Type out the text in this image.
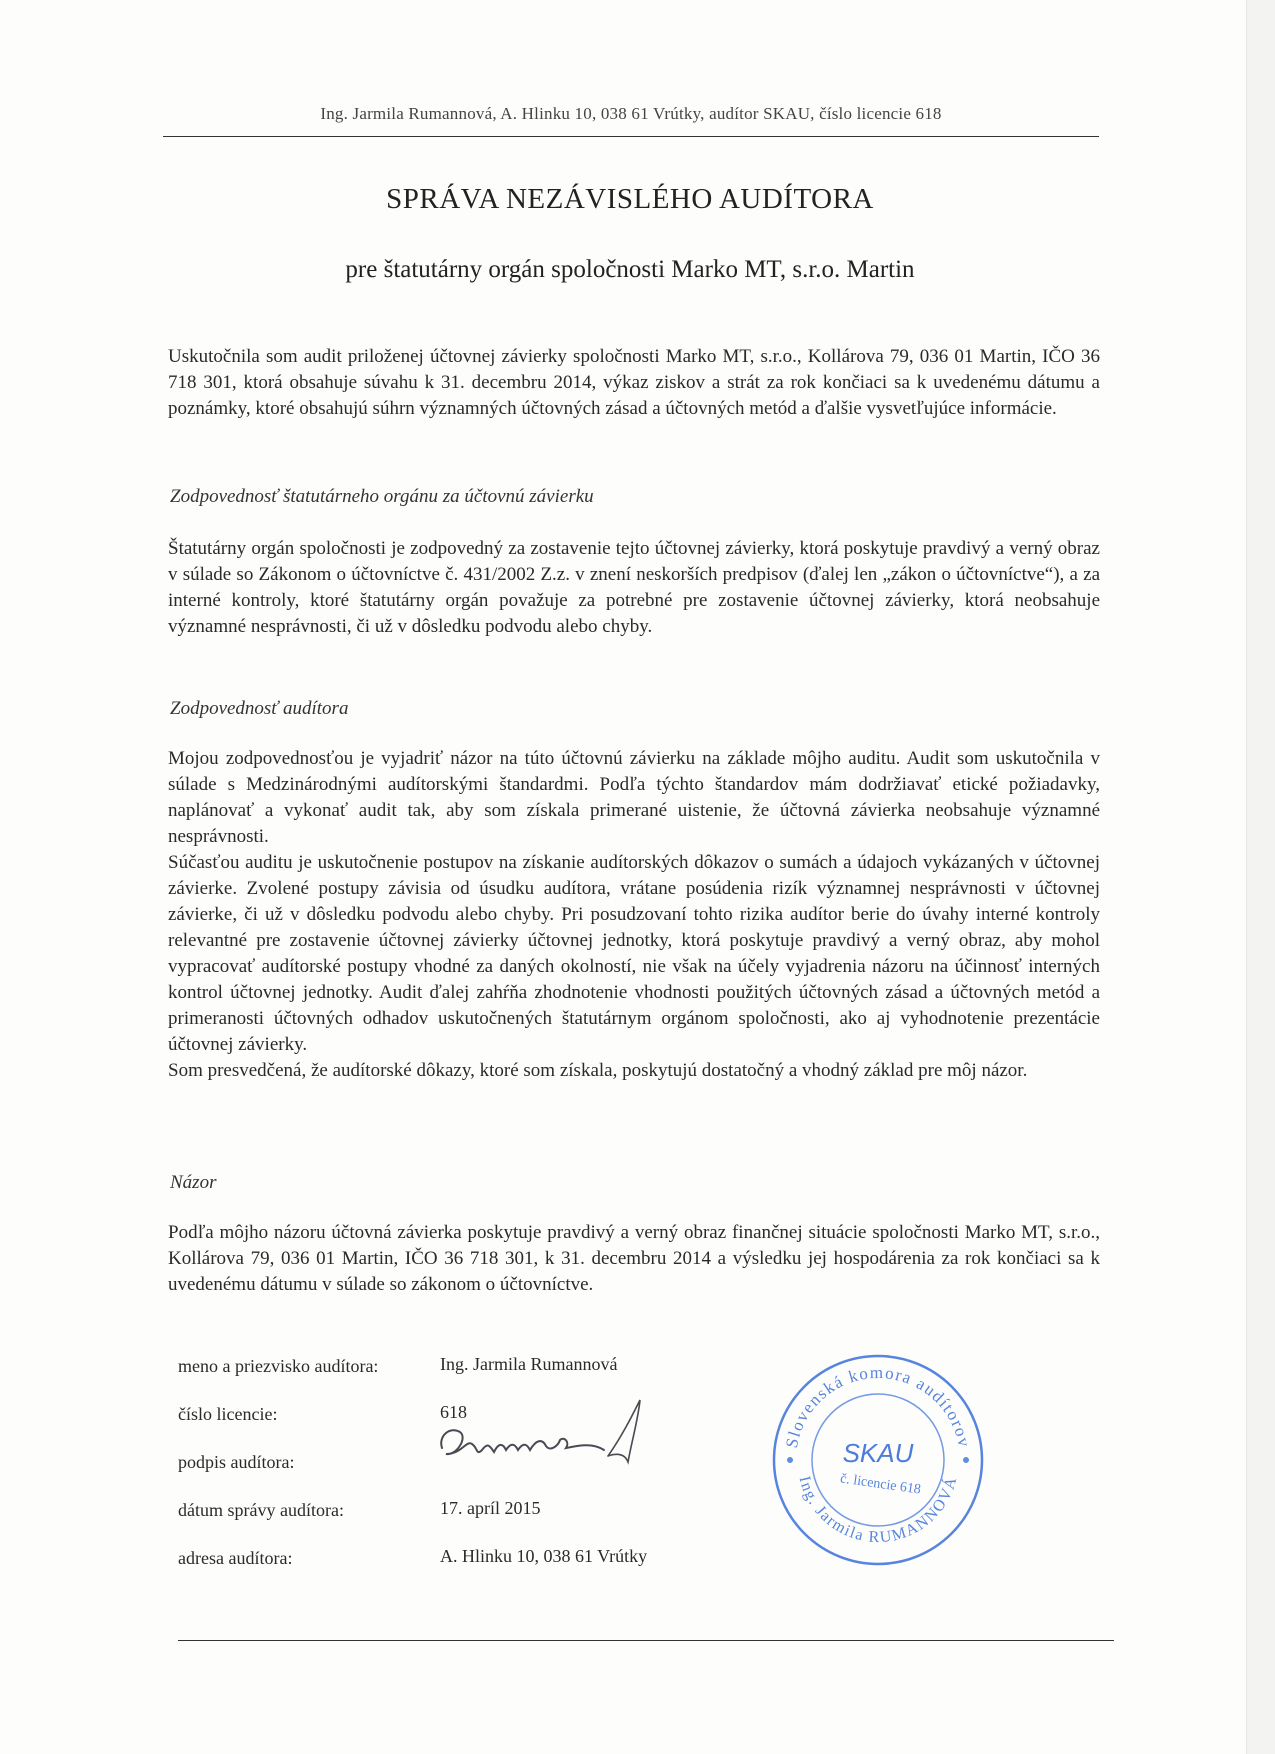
Ing. Jarmila Rumannová, A. Hlinku 10, 038 61 Vrútky, audítor SKAU, číslo licencie 618
SPRÁVA NEZÁVISLÉHO AUDÍTORA
pre štatutárny orgán spoločnosti Marko MT, s.r.o. Martin

Uskutočnila som audit priloženej účtovnej závierky spoločnosti Marko MT, s.r.o., Kollárova 79, 036 01 Martin, IČO 36 718 301, ktorá obsahuje súvahu k 31. decembru 2014, výkaz ziskov a strát za rok končiaci sa k uvedenému dátumu a poznámky, ktoré obsahujú súhrn významných účtovných zásad a účtovných metód a ďalšie vysvetľujúce informácie.

Zodpovednosť štatutárneho orgánu za účtovnú závierku

Štatutárny orgán spoločnosti je zodpovedný za zostavenie tejto účtovnej závierky, ktorá poskytuje pravdivý a verný obraz v súlade so Zákonom o účtovníctve č. 431/2002 Z.z. v znení neskorších predpisov (ďalej len „zákon o účtovníctve“), a za interné kontroly, ktoré štatutárny orgán považuje za potrebné pre zostavenie účtovnej závierky, ktorá neobsahuje významné nesprávnosti, či už v dôsledku podvodu alebo chyby.

Zodpovednosť audítora

Mojou zodpovednosťou je vyjadriť názor na túto účtovnú závierku na základe môjho auditu. Audit som uskutočnila v súlade s Medzinárodnými audítorskými štandardmi. Podľa týchto štandardov mám dodržiavať etické požiadavky, naplánovať a vykonať audit tak, aby som získala primerané uistenie, že účtovná závierka neobsahuje významné nesprávnosti.

Súčasťou auditu je uskutočnenie postupov na získanie audítorských dôkazov o sumách a údajoch vykázaných v účtovnej závierke. Zvolené postupy závisia od úsudku audítora, vrátane posúdenia rizík významnej nesprávnosti v účtovnej závierke, či už v dôsledku podvodu alebo chyby. Pri posudzovaní tohto rizika audítor berie do úvahy interné kontroly relevantné pre zostavenie účtovnej závierky účtovnej jednotky, ktorá poskytuje pravdivý a verný obraz, aby mohol vypracovať audítorské postupy vhodné za daných okolností, nie však na účely vyjadrenia názoru na účinnosť interných kontrol účtovnej jednotky. Audit ďalej zahŕňa zhodnotenie vhodnosti použitých účtovných zásad a účtovných metód a primeranosti účtovných odhadov uskutočnených štatutárnym orgánom spoločnosti, ako aj vyhodnotenie prezentácie účtovnej závierky.

Som presvedčená, že audítorské dôkazy, ktoré som získala, poskytujú dostatočný a vhodný základ pre môj názor.

Názor

Podľa môjho názoru účtovná závierka poskytuje pravdivý a verný obraz finančnej situácie spoločnosti Marko MT, s.r.o., Kollárova 79, 036 01 Martin, IČO 36 718 301, k 31. decembru 2014 a výsledku jej hospodárenia za rok končiaci sa k uvedenému dátumu v súlade so zákonom o účtovníctve.

meno a priezvisko audítora:	Ing. Jarmila Rumannová
číslo licencie:	618
podpis audítora:
dátum správy audítora:	17. apríl 2015
adresa audítora:	A. Hlinku 10, 038 61 Vrútky
Slovenská komora audítorov
Ing. Jarmila RUMANNOVÁ
SKAU
č. licencie 618
